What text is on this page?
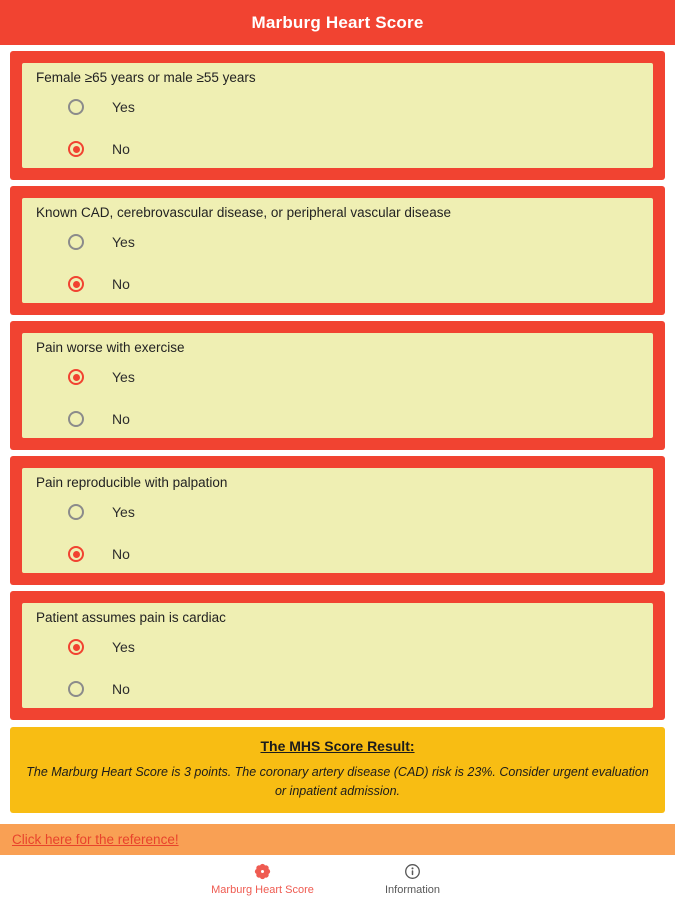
Marburg Heart Score
Female ≥65 years or male ≥55 years
Yes
No
Known CAD, cerebrovascular disease, or peripheral vascular disease
Yes
No
Pain worse with exercise
Yes
No
Pain reproducible with palpation
Yes
No
Patient assumes pain is cardiac
Yes
No
The MHS Score Result:
The Marburg Heart Score is 3 points. The coronary artery disease (CAD) risk is 23%. Consider urgent evaluation or inpatient admission.
Click here for the reference!
Marburg Heart Score	Information
